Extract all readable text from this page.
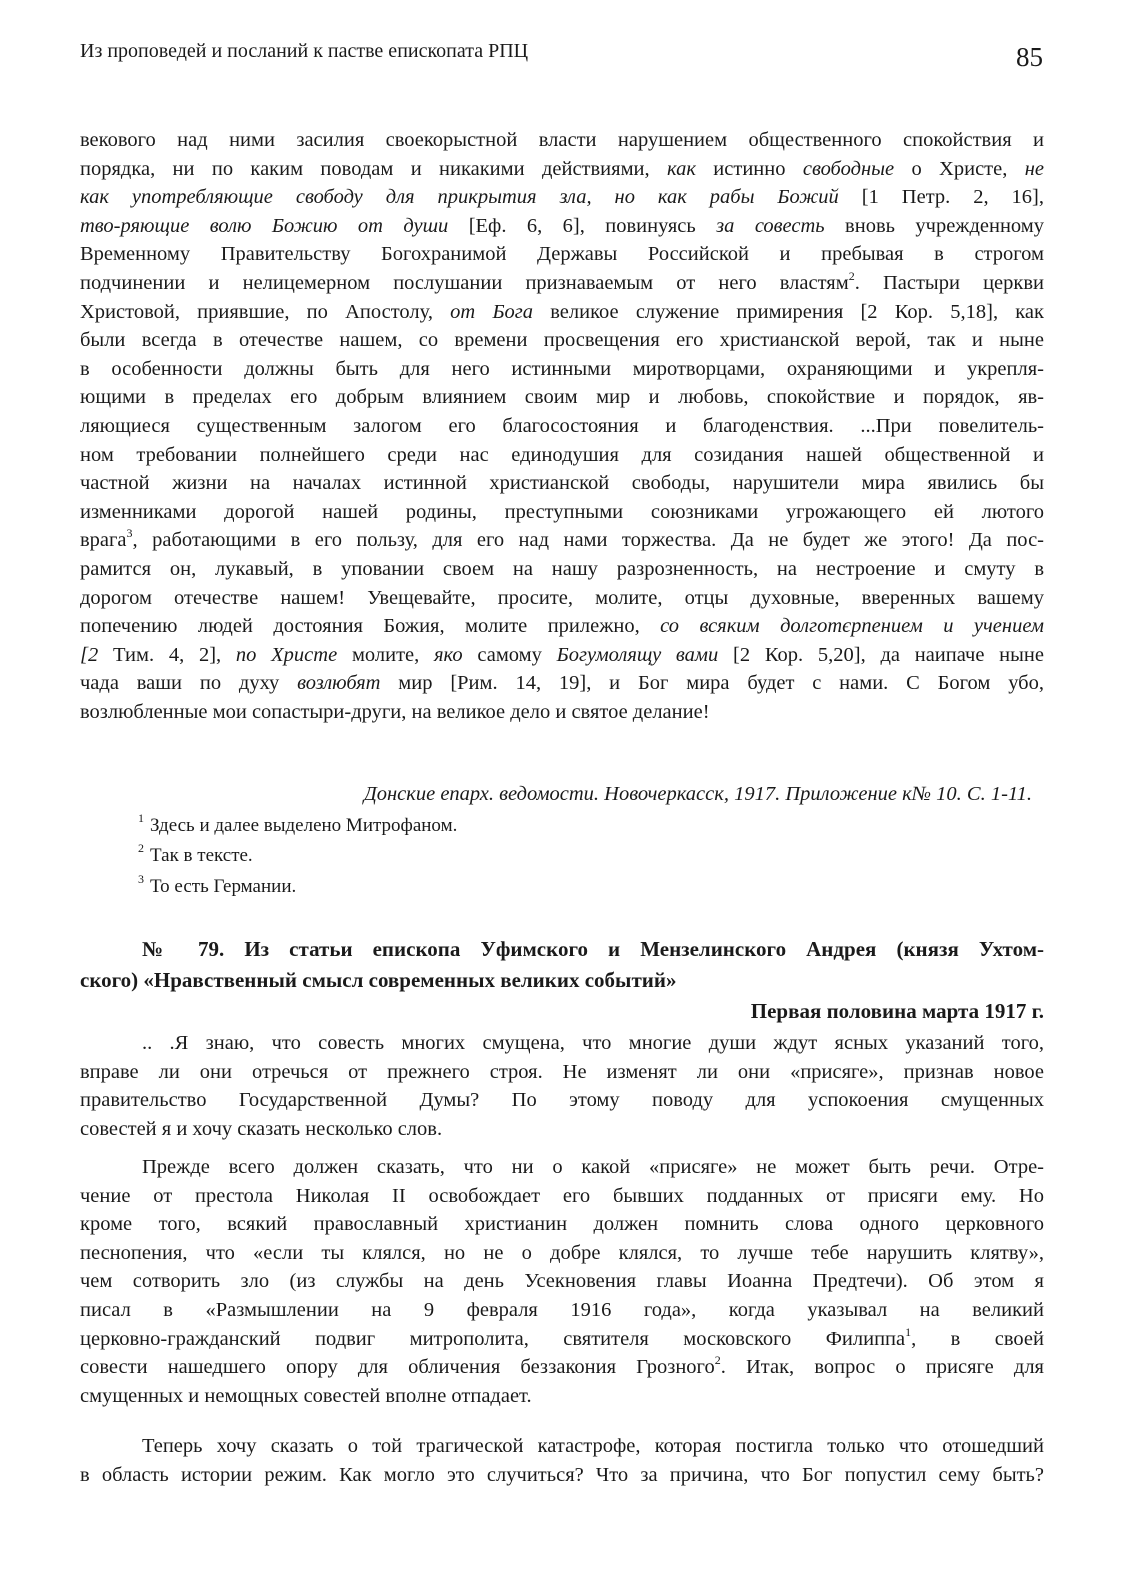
Из проповедей и посланий к пастве епископата РПЦ	85
векового над ними засилия своекорыстной власти нарушением общественного спокойствия и
порядка, ни по каким поводам и никакими действиями, как истинно свободные о Христе, не
как употребляющие свободу для прикрытия зла, но как рабы Божий [1 Петр. 2, 16],
тво-ряющие волю Божию от души [Еф. 6, 6], повинуясь за совесть вновь учрежденному
Временному Правительству Богохранимой Державы Российской и пребывая в строгом
подчинении и нелицемерном послушании признаваемым от него властям$^2$. Пастыри церкви
Христовой, приявшие, по Апостолу, от Бога великое служение примирения [2 Кор. 5,18], как
были всегда в отечестве нашем, со времени просвещения его христианской верой, так и ныне
в особенности должны быть для него истинными миротворцами, охраняющими и укрепля-
ющими в пределах его добрым влиянием своим мир и любовь, спокойствие и порядок, яв-
ляющиеся существенным залогом его благосостояния и благоденствия. ...При повелитель-
ном требовании полнейшего среди нас единодушия для созидания нашей общественной и
частной жизни на началах истинной христианской свободы, нарушители мира явились бы
изменниками дорогой нашей родины, преступными союзниками угрожающего ей лютого
врага$^3$, работающими в его пользу, для его над нами торжества. Да не будет же этого! Да пос-
рамится он, лукавый, в уповании своем на нашу разрозненность, на нестроение и смуту в
дорогом отечестве нашем! Увещевайте, просите, молите, отцы духовные, вверенных вашему
попечению людей достояния Божия, молите прилежно, со всяким долготєрпением и учением
[2 Тим. 4, 2], по Христе молите, яко самому Богумолящу вами [2 Кор. 5,20], да наипаче ныне
чада ваши по духу возлюбят мир [Рим. 14, 19], и Бог мира будет с нами. С Богом убо,
возлюбленные мои сопастыри-други, на великое дело и святое делание!
Донские епарх. ведомости. Новочеркасск, 1917. Приложение к№ 10. С. 1-11.
$^1$ Здесь и далее выделено Митрофаном.
$^2$ Так в тексте.
$^3$ То есть Германии.
№ 79. Из статьи епископа Уфимского и Мензелинского Андрея (князя Ухтом-
ского) «Нравственный смысл современных великих событий»
Первая половина марта 1917 г.
.. .Я знаю, что совесть многих смущена, что многие души ждут ясных указаний того,
вправе ли они отречься от прежнего строя. Не изменят ли они «присяге», признав новое
правительство Государственной Думы? По этому поводу для успокоения смущенных
совестей я и хочу сказать несколько слов.
Прежде всего должен сказать, что ни о какой «присяге» не может быть речи. Отре-
чение от престола Николая II освобождает его бывших подданных от присяги ему. Но
кроме того, всякий православный христианин должен помнить слова одного церковного
песнопения, что «если ты клялся, но не о добре клялся, то лучше тебе нарушить клятву»,
чем сотворить зло (из службы на день Усекновения главы Иоанна Предтечи). Об этом я
писал в «Размышлении на 9 февраля 1916 года», когда указывал на великий
церковно-гражданский подвиг митрополита, святителя московского Филиппа$^1$, в своей
совести нашедшего опору для обличения беззакония Грозного$^2$. Итак, вопрос о присяге для
смущенных и немощных совестей вполне отпадает.
Теперь хочу сказать о той трагической катастрофе, которая постигла только что отошедший
в область истории режим. Как могло это случиться? Что за причина, что Бог попустил сему быть?
